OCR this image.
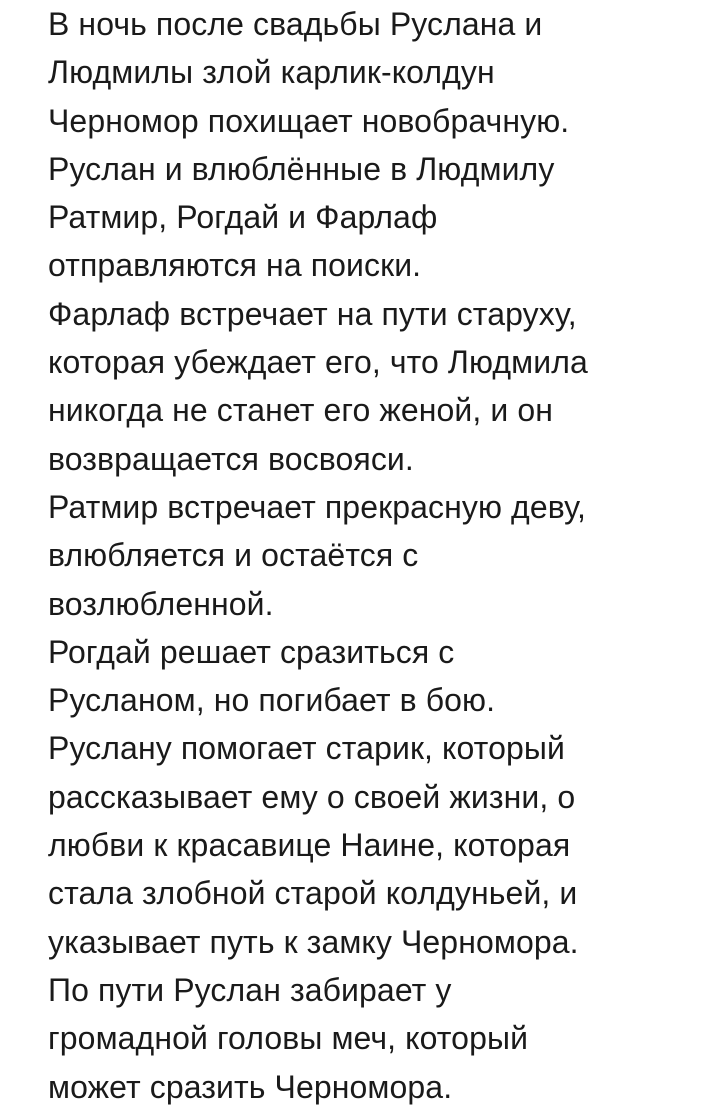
В ночь после свадьбы Руслана и
Людмилы злой карлик-колдун
Черномор похищает новобрачную.
Руслан и влюблённые в Людмилу
Ратмир, Рогдай и Фарлаф
отправляются на поиски.
Фарлаф встречает на пути старуху,
которая убеждает его, что Людмила
никогда не станет его женой, и он
возвращается восвояси.
Ратмир встречает прекрасную деву,
влюбляется и остаётся с
возлюбленной.
Рогдай решает сразиться с
Русланом, но погибает в бою.
Руслану помогает старик, который
рассказывает ему о своей жизни, о
любви к красавице Наине, которая
стала злобной старой колдуньей, и
указывает путь к замку Черномора.
По пути Руслан забирает у
громадной головы меч, который
может сразить Черномора.
